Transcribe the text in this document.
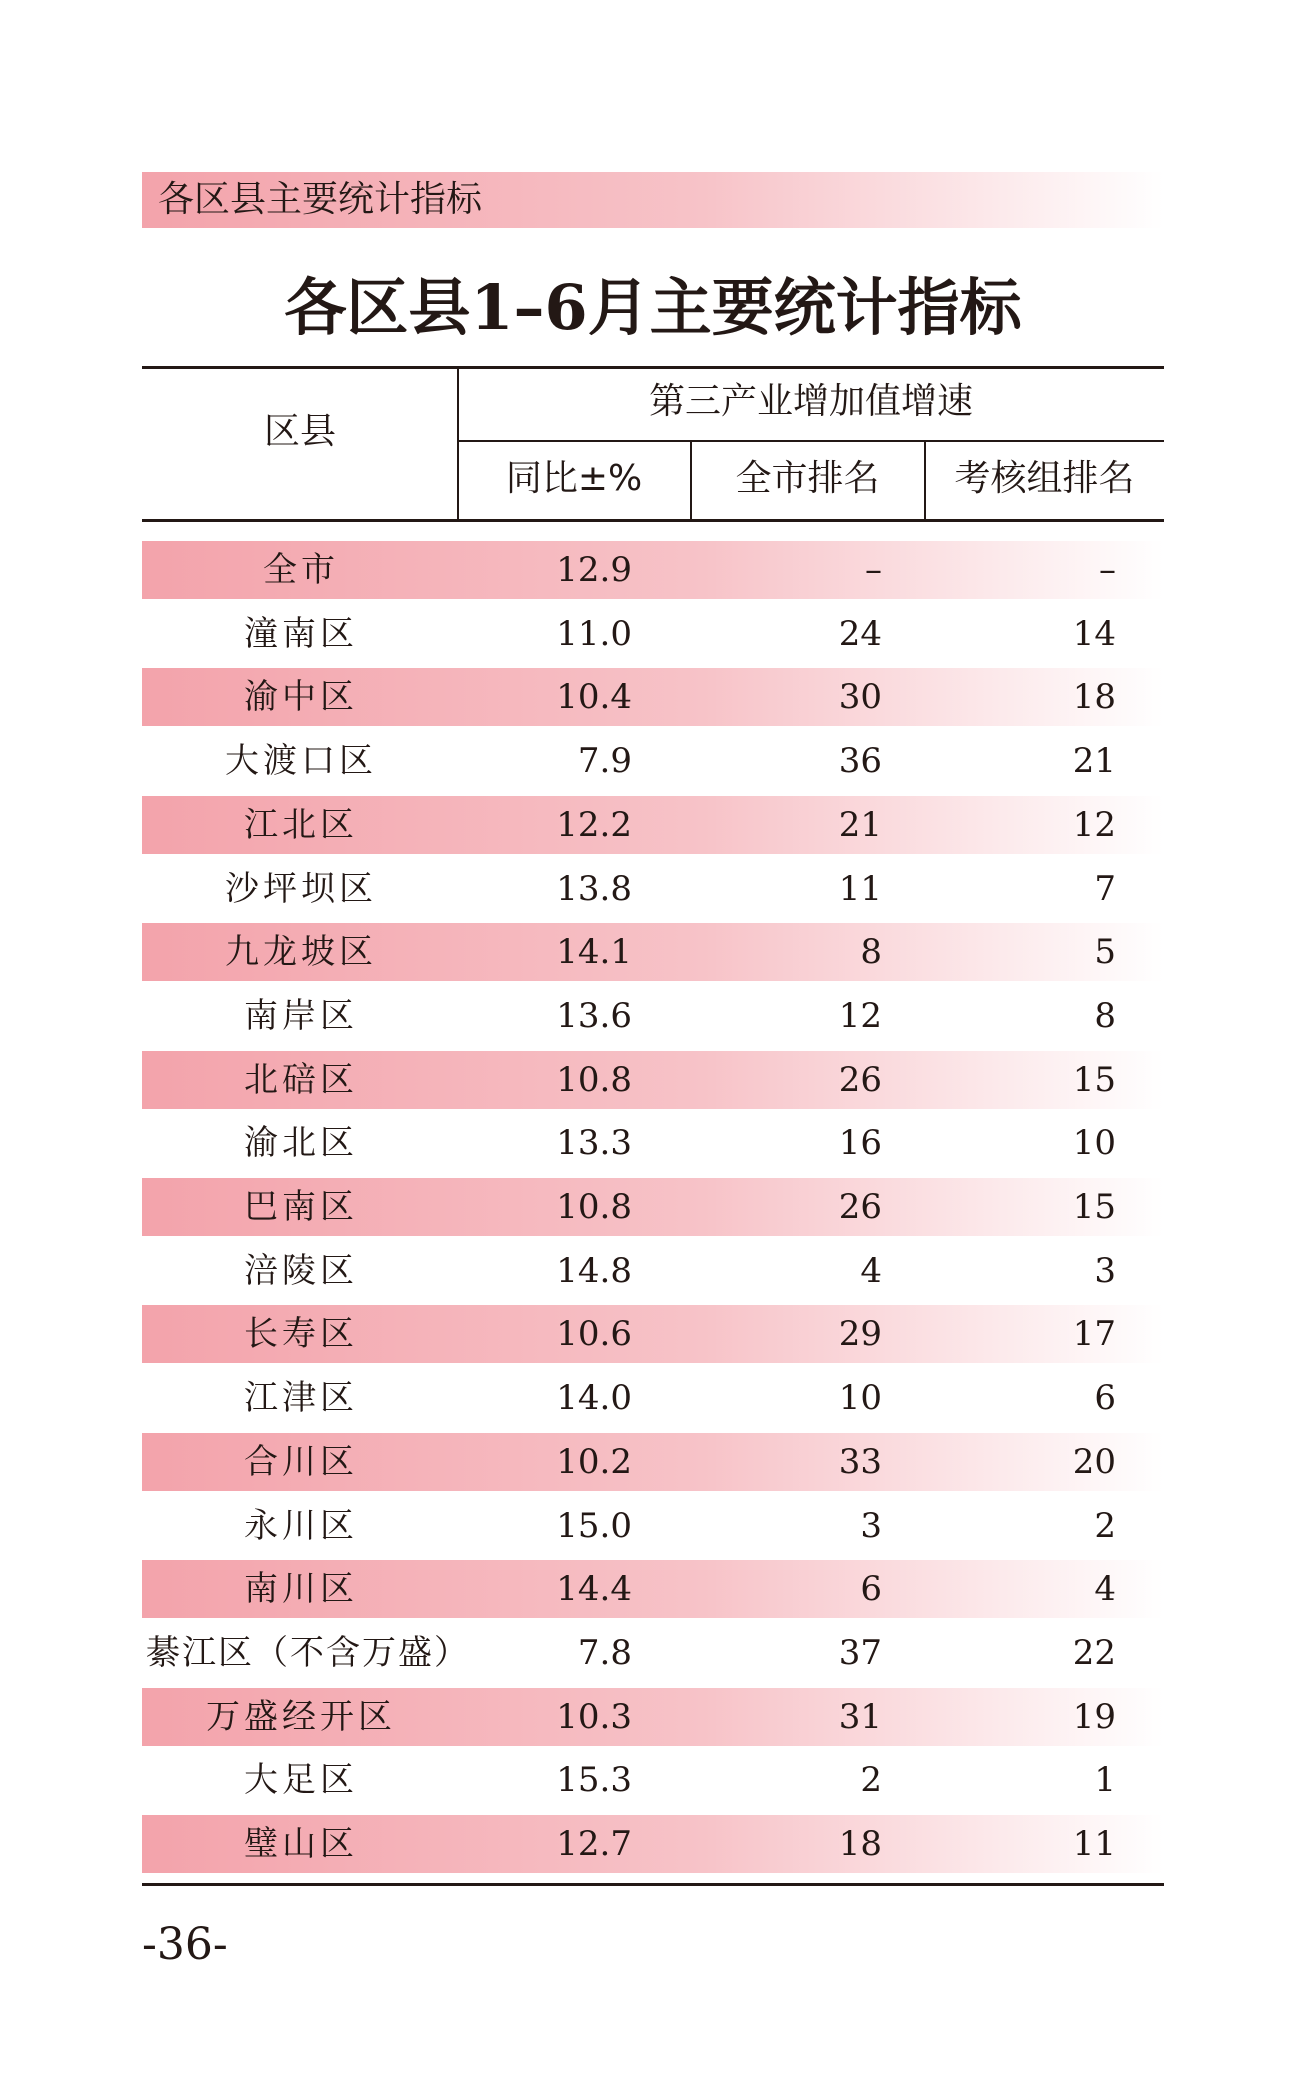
各区县主要统计指标
各区县1–6月主要统计指标
区县
第三产业增加值增速
同比±%	全市排名	考核组排名
全市	12.9	–	–
潼南区	11.0	24	14
渝中区	10.4	30	18
大渡口区	7.9	36	21
江北区	12.2	21	12
沙坪坝区	13.8	11	7
九龙坡区	14.1	8	5
南岸区	13.6	12	8
北碚区	10.8	26	15
渝北区	13.3	16	10
巴南区	10.8	26	15
涪陵区	14.8	4	3
长寿区	10.6	29	17
江津区	14.0	10	6
合川区	10.2	33	20
永川区	15.0	3	2
南川区	14.4	6	4
綦江区（不含万盛）	7.8	37	22
万盛经开区	10.3	31	19
大足区	15.3	2	1
璧山区	12.7	18	11
-36-
